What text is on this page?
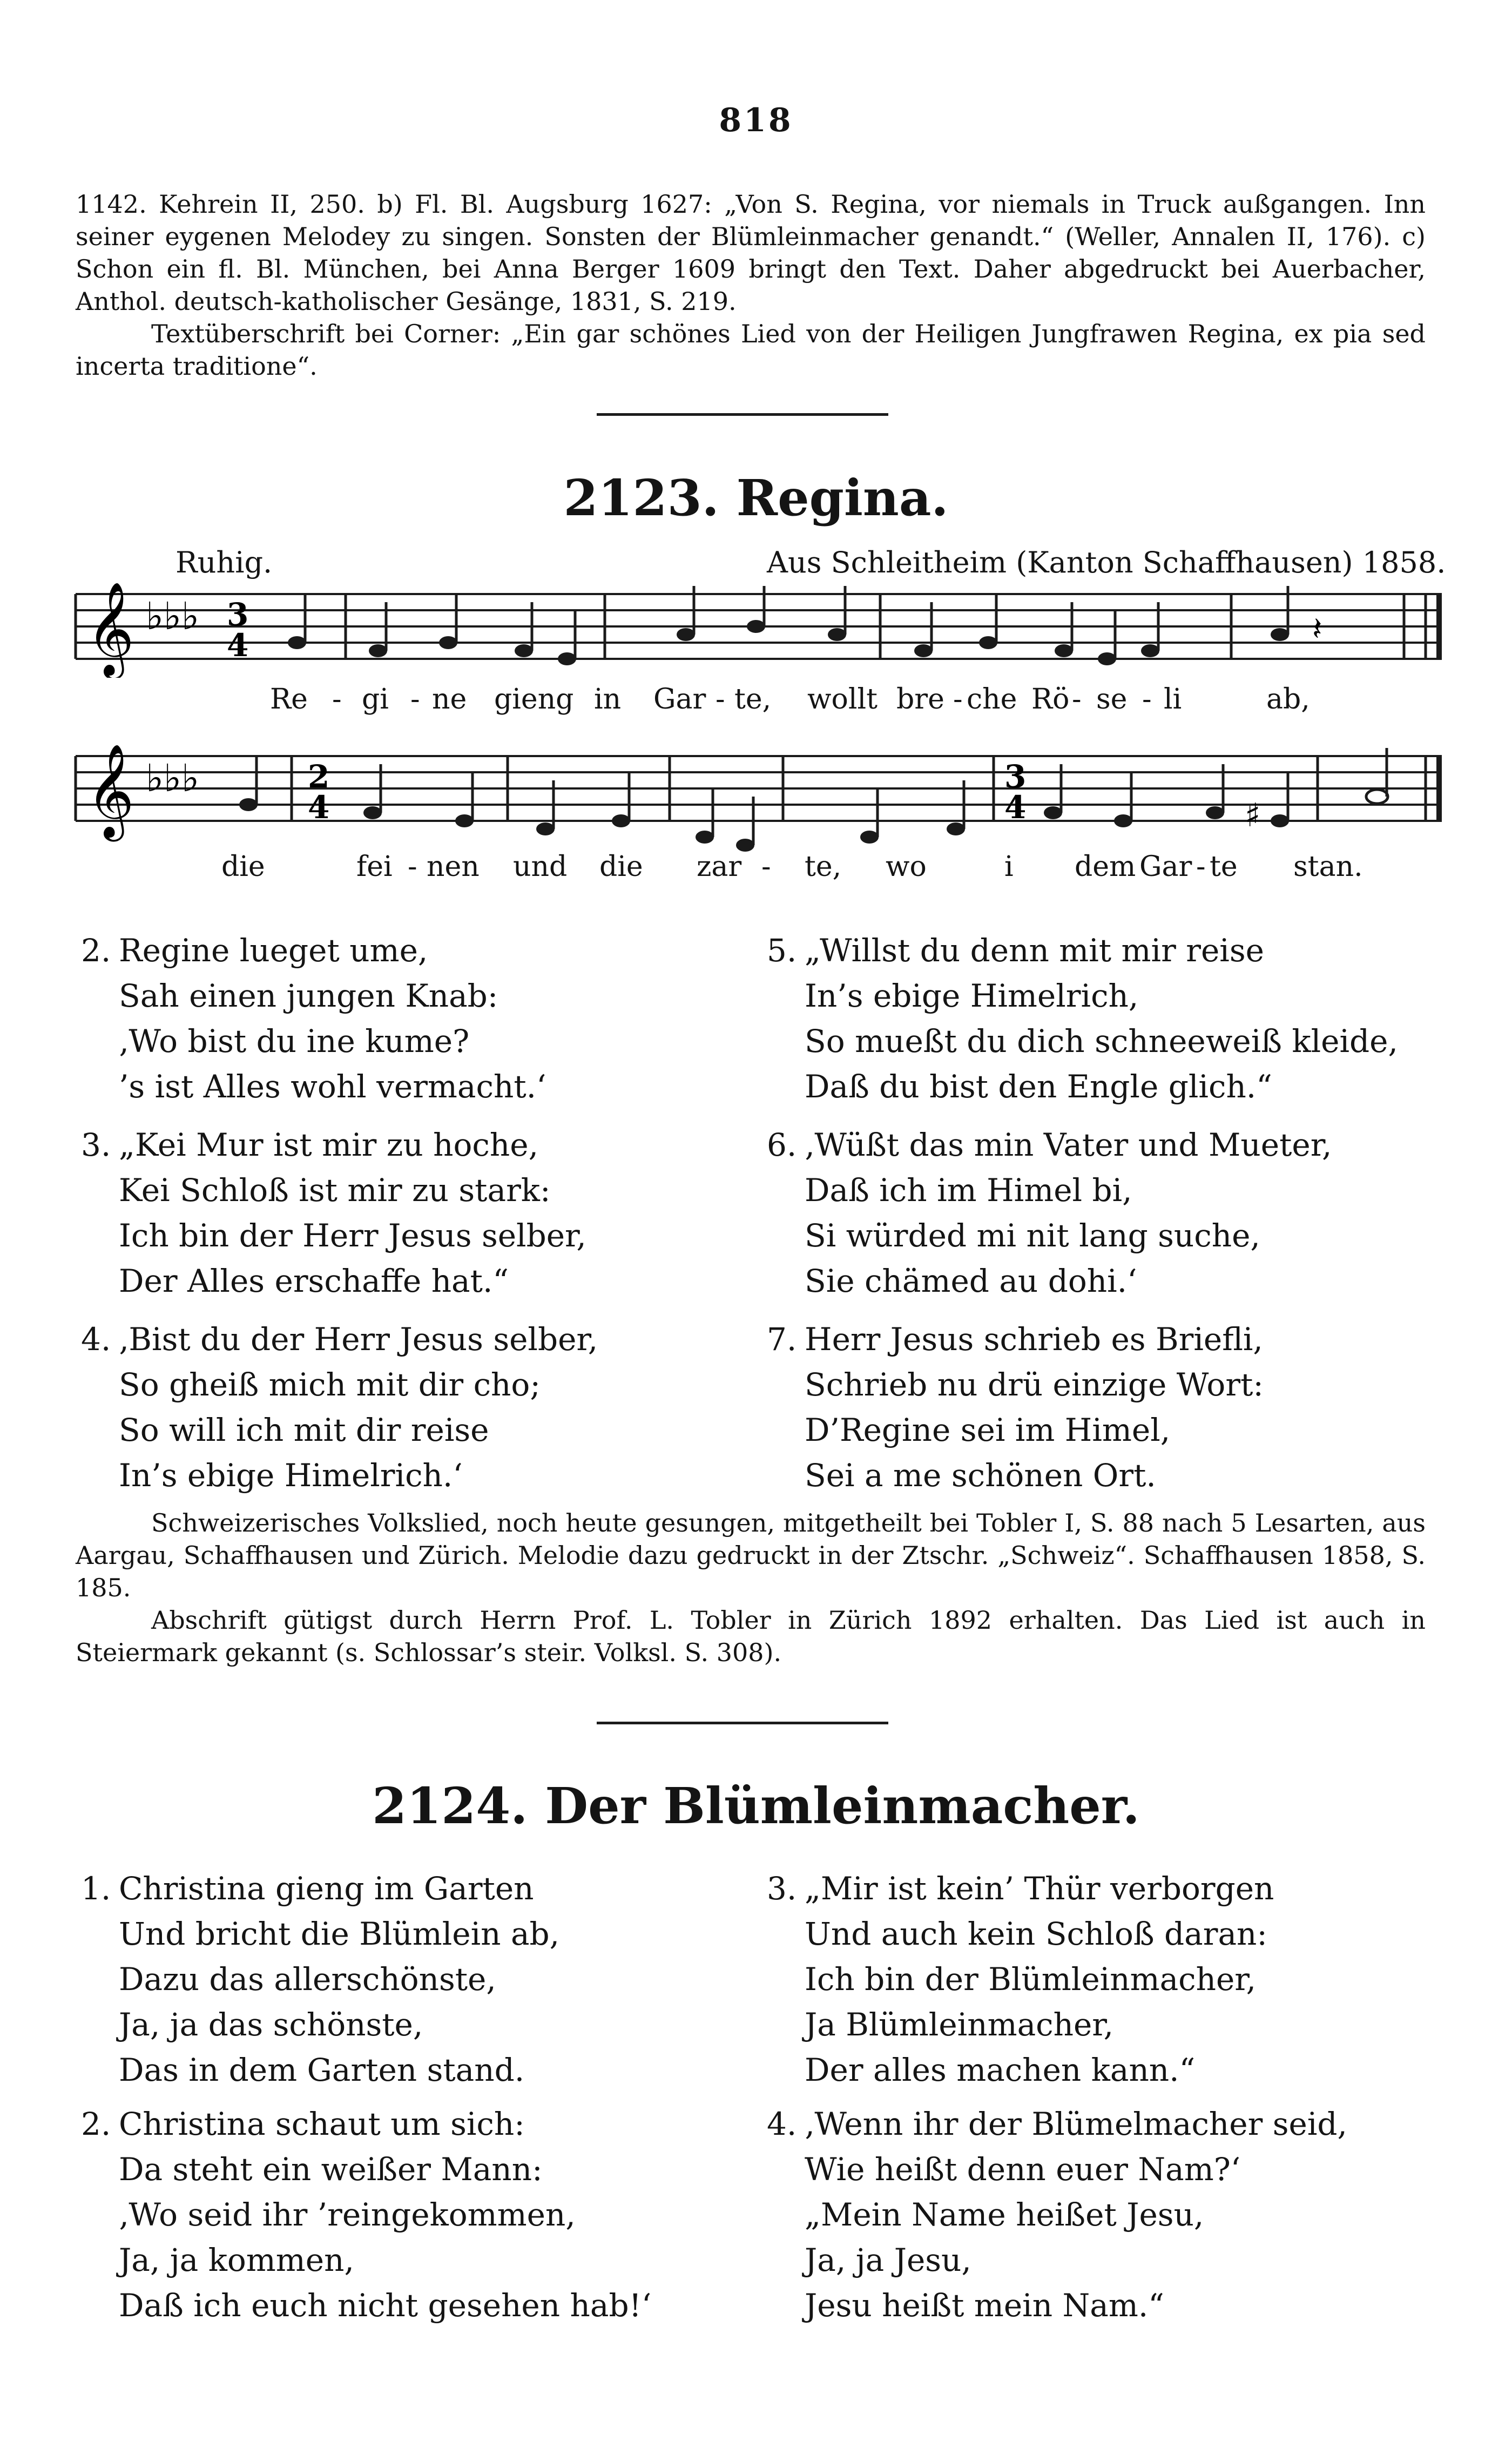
818

1142. Kehrein II, 250. b) Fl. Bl. Augsburg 1627: „Von S. Regina, vor niemals in Truck außgangen. Inn seiner eygenen Melodey zu singen. Sonsten der Blümleinmacher genandt.“ (Weller, Annalen II, 176). c) Schon ein fl. Bl. München, bei Anna Berger 1609 bringt den Text. Daher abgedruckt bei Auerbacher, Anthol. deutsch-katholischer Gesänge, 1831, S. 219.

Textüberschrift bei Corner: „Ein gar schönes Lied von der Heiligen Jungfrawen Regina, ex pia sed incerta traditione“.

2123. Regina.
Ruhig.	Aus Schleitheim (Kanton Schaffhausen) 1858.
𝄞 ♭♭♭ 3
4	𝄽
Re - gi - ne gieng in Gar - te, wollt bre - che Rö - se - li	ab,
𝄞 ♭♭♭	2
4
3
4	♯
die	fei - nen und die zar - te, wo	i dem Gar - te stan.
2. Regine lueget ume,
Sah einen jungen Knab:
‚Wo bist du ine kume?
’s ist Alles wohl vermacht.‘
3. „Kei Mur ist mir zu hoche,
Kei Schloß ist mir zu stark:
Ich bin der Herr Jesus selber,
Der Alles erschaffe hat.“
4. ‚Bist du der Herr Jesus selber,
So gheiß mich mit dir cho;
So will ich mit dir reise
In’s ebige Himelrich.‘
5. „Willst du denn mit mir reise
In’s ebige Himelrich,
So mueßt du dich schneeweiß kleide,
Daß du bist den Engle glich.“
6. ‚Wüßt das min Vater und Mueter,
Daß ich im Himel bi,
Si würded mi nit lang suche,
Sie chämed au dohi.‘
7. Herr Jesus schrieb es Briefli,
Schrieb nu drü einzige Wort:
D’Regine sei im Himel,
Sei a me schönen Ort.

Schweizerisches Volkslied, noch heute gesungen, mitgetheilt bei Tobler I, S. 88 nach 5 Lesarten, aus Aargau, Schaffhausen und Zürich. Melodie dazu gedruckt in der Ztschr. „Schweiz“. Schaffhausen 1858, S. 185.

Abschrift gütigst durch Herrn Prof. L. Tobler in Zürich 1892 erhalten. Das Lied ist auch in Steiermark gekannt (s. Schlossar’s steir. Volksl. S. 308).

2124. Der Blümleinmacher.
1. Christina gieng im Garten
Und bricht die Blümlein ab,
Dazu das allerschönste,
Ja, ja das schönste,
Das in dem Garten stand.
2. Christina schaut um sich:
Da steht ein weißer Mann:
‚Wo seid ihr ’reingekommen,
Ja, ja kommen,
Daß ich euch nicht gesehen hab!‘
3. „Mir ist kein’ Thür verborgen
Und auch kein Schloß daran:
Ich bin der Blümleinmacher,
Ja Blümleinmacher,
Der alles machen kann.“
4. ‚Wenn ihr der Blümelmacher seid,
Wie heißt denn euer Nam?‘
„Mein Name heißet Jesu,
Ja, ja Jesu,
Jesu heißt mein Nam.“
